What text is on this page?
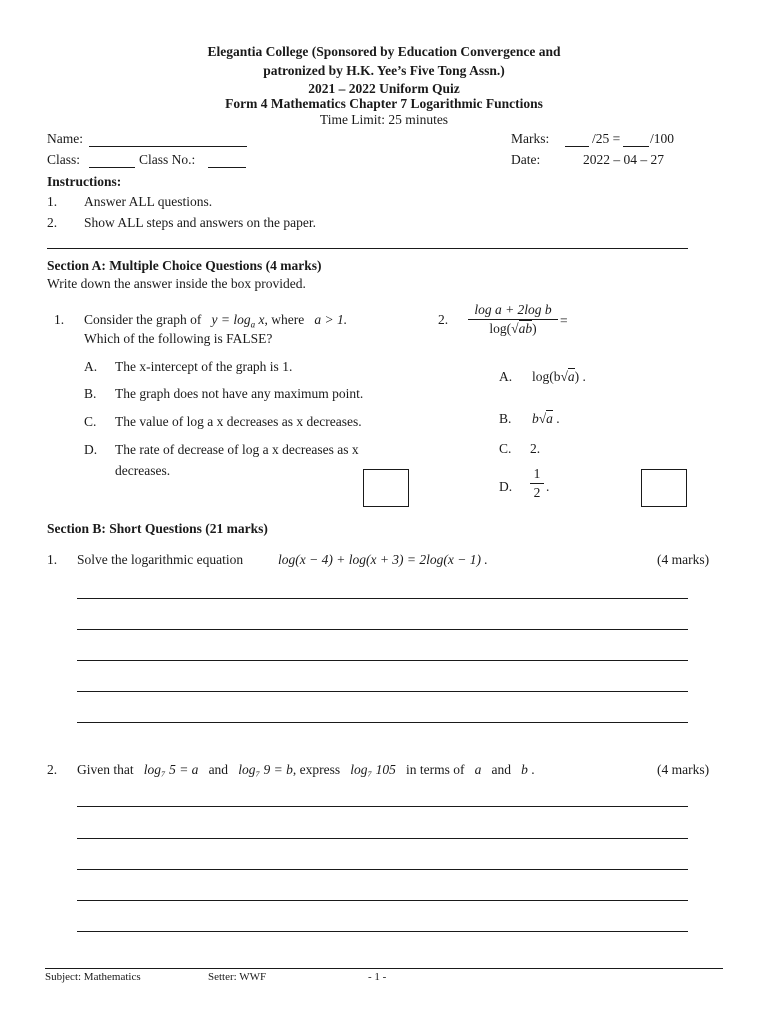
Elegantia College (Sponsored by Education Convergence and
patronized by H.K. Yee’s Five Tong Assn.)
2021 – 2022 Uniform Quiz
Form 4 Mathematics Chapter 7 Logarithmic Functions
Time Limit: 25 minutes
Name:	Marks:	/25 = /100
Class:	Class No.:	Date:	2022 – 04 – 27
Instructions:
1. Answer ALL questions.
2. Show ALL steps and answers on the paper.
Section A: Multiple Choice Questions (4 marks)
Write down the answer inside the box provided.
1. Consider the graph of $y = \log_a x$, where a > 1.
Which of the following is FALSE?
A. The x-intercept of the graph is 1.
B. The graph does not have any maximum point.
C. The value of log a x decreases as x decreases.
D. The rate of decrease of log a x decreases as x
decreases.
2.
log a + 2log b
log(√ab)
=
A. log(b√a) .
B. b√a .
C. 2.
D.
1
2 .
Section B: Short Questions (21 marks)
1. Solve the logarithmic equation	log(x − 4) + log(x + 3) = 2log(x − 1) .	(4 marks)
2. Given that log₇ 5 = a and log₇ 9 = b, express log₇ 105 in terms of a and b .	(4 marks)
Subject: Mathematics	Setter: WWF	- 1 -
